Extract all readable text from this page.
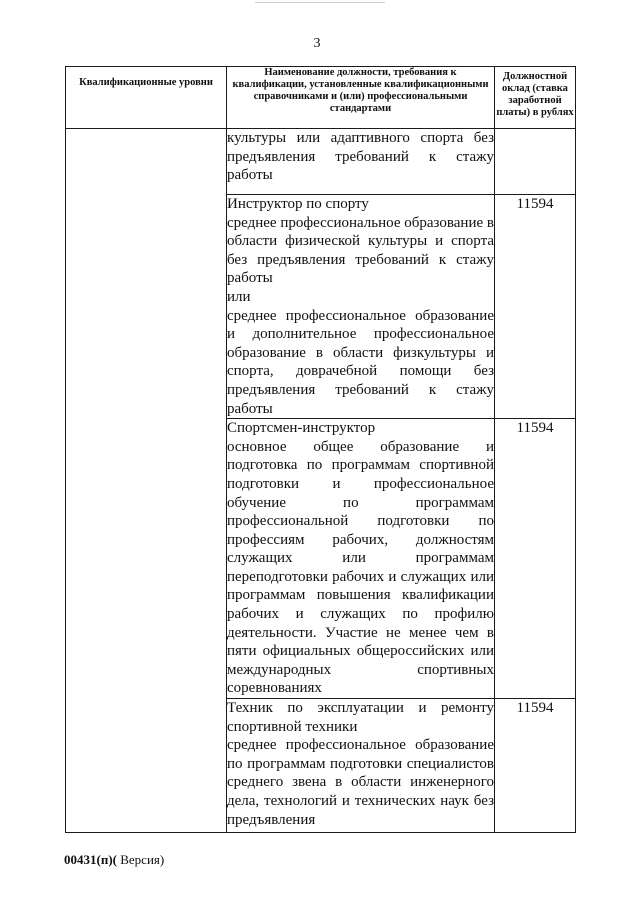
3
Квалификационные уровни	Наименование должности, требования к квалификации, установленные квалификационными справочниками и (или) профессиональными стандартами	Должностной оклад (ставка заработной платы) в рублях

	культуры или адаптивного спорта без предъявления требований к стажу работы	

	Инструктор по спорту
среднее профессиональное образование в области физической культуры и спорта без предъявления требований к стажу работы
или
среднее профессиональное образование и дополнительное профессиональное образование в области физкультуры и спорта, доврачебной помощи без предъявления требований к стажу работы	11594

	Спортсмен-инструктор
основное общее образование и подготовка по программам спортивной подготовки и профессиональное обучение по программам профессиональной подготовки по профессиям рабочих, должностям служащих или программам переподготовки рабочих и служащих или программам повышения квалификации рабочих и служащих по профилю деятельности. Участие не менее чем в пяти официальных общероссийских или международных спортивных соревнованиях	11594

	Техник по эксплуатации и ремонту спортивной техники
среднее профессиональное образование по программам подготовки специалистов среднего звена в области инженерного дела, технологий и технических наук без предъявления	11594
00431(п)( Версия)
